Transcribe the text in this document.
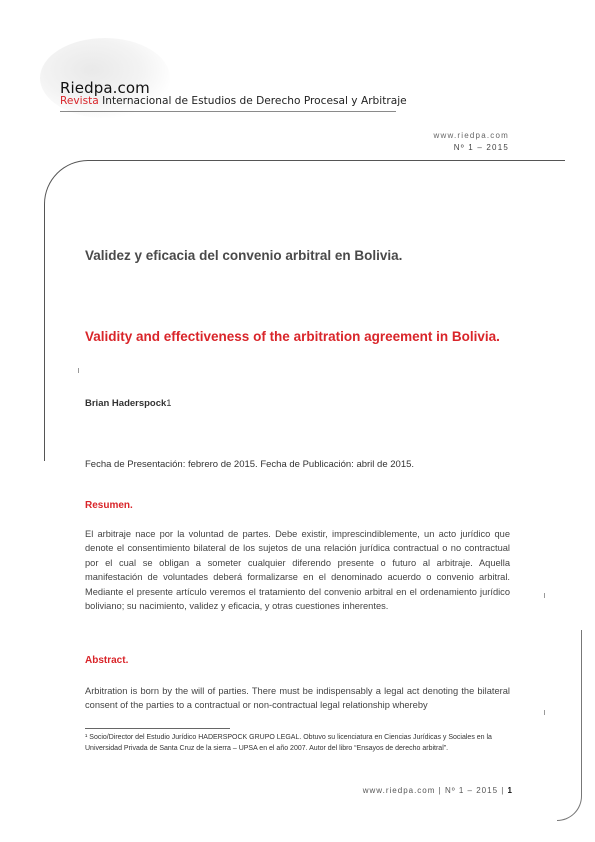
Riedpa.com
Revista Internacional de Estudios de Derecho Procesal y Arbitraje
www.riedpa.com
Nº 1 – 2015
Validez y eficacia del convenio arbitral en Bolivia.
Validity and effectiveness of the arbitration agreement in Bolivia.
Brian Haderspock1
Fecha de Presentación: febrero de 2015. Fecha de Publicación: abril de 2015.
Resumen.
El arbitraje nace por la voluntad de partes. Debe existir, imprescindiblemente, un acto jurídico que denote el consentimiento bilateral de los sujetos de una relación jurídica contractual o no contractual por el cual se obligan a someter cualquier diferendo presente o futuro al arbitraje. Aquella manifestación de voluntades deberá formalizarse en el denominado acuerdo o convenio arbitral. Mediante el presente artículo veremos el tratamiento del convenio arbitral en el ordenamiento jurídico boliviano; su nacimiento, validez y eficacia, y otras cuestiones inherentes.
Abstract.
Arbitration is born by the will of parties. There must be indispensably a legal act denoting the bilateral consent of the parties to a contractual or non-contractual legal relationship whereby
¹ Socio/Director del Estudio Jurídico HADERSPOCK GRUPO LEGAL. Obtuvo su licenciatura en Ciencias Jurídicas y Sociales en la Universidad Privada de Santa Cruz de la sierra – UPSA en el año 2007. Autor del libro “Ensayos de derecho arbitral”.
www.riedpa.com | Nº 1 – 2015 | 1
